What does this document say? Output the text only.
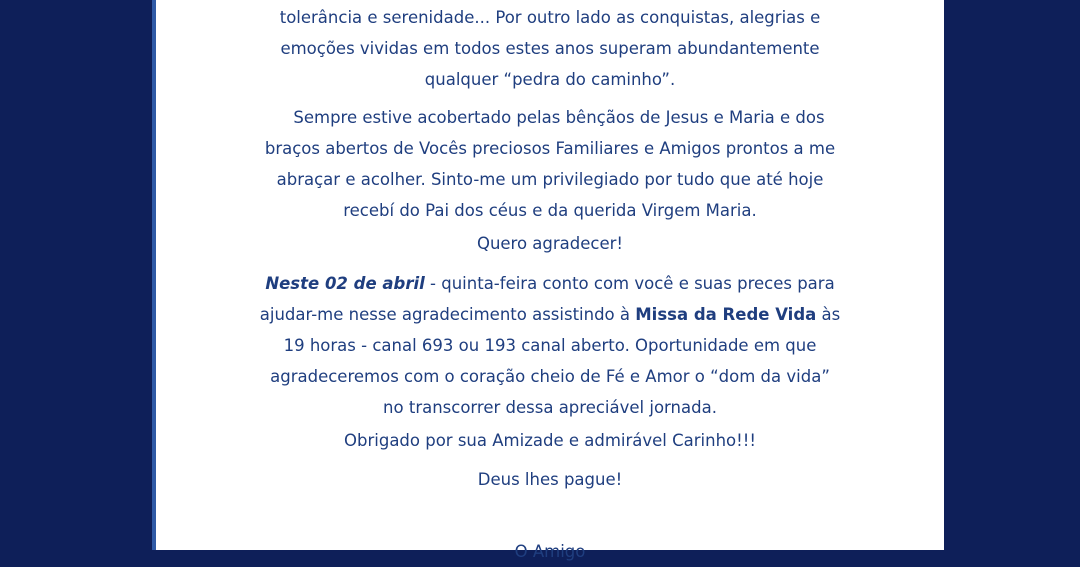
tolerância e serenidade... Por outro lado as conquistas, alegrias e
emoções vividas em todos estes anos superam abundantemente
qualquer “pedra do caminho”.
Sempre estive acobertado pelas bênçãos de Jesus e Maria e dos
braços abertos de Vocês preciosos Familiares e Amigos prontos a me
abraçar e acolher. Sinto-me um privilegiado por tudo que até hoje
recebí do Pai dos céus e da querida Virgem Maria.
Quero agradecer!
Neste 02 de abril - quinta-feira conto com você e suas preces para
ajudar-me nesse agradecimento assistindo à Missa da Rede Vida às
19 horas - canal 693 ou 193 canal aberto. Oportunidade em que
agradeceremos com o coração cheio de Fé e Amor o “dom da vida”
no transcorrer dessa apreciável jornada.
Obrigado por sua Amizade e admirável Carinho!!!
Deus lhes pague!
O Amigo
